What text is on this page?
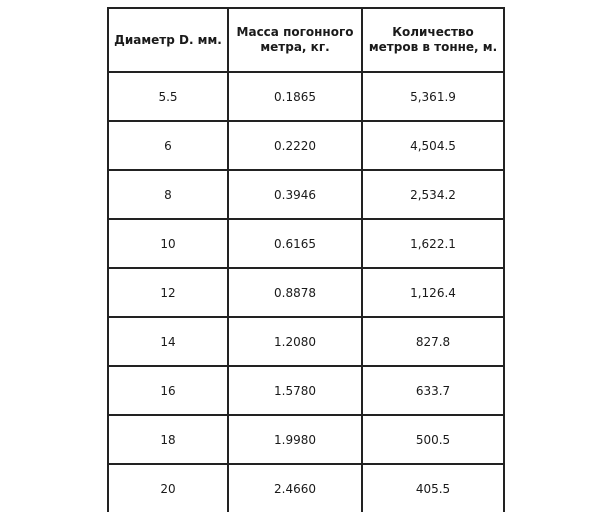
Диаметр D. мм.	Масса погонного метра, кг.	Количество метров в тонне, м.
5.5	0.1865	5,361.9
6	0.2220	4,504.5
8	0.3946	2,534.2
10	0.6165	1,622.1
12	0.8878	1,126.4
14	1.2080	827.8
16	1.5780	633.7
18	1.9980	500.5
20	2.4660	405.5
